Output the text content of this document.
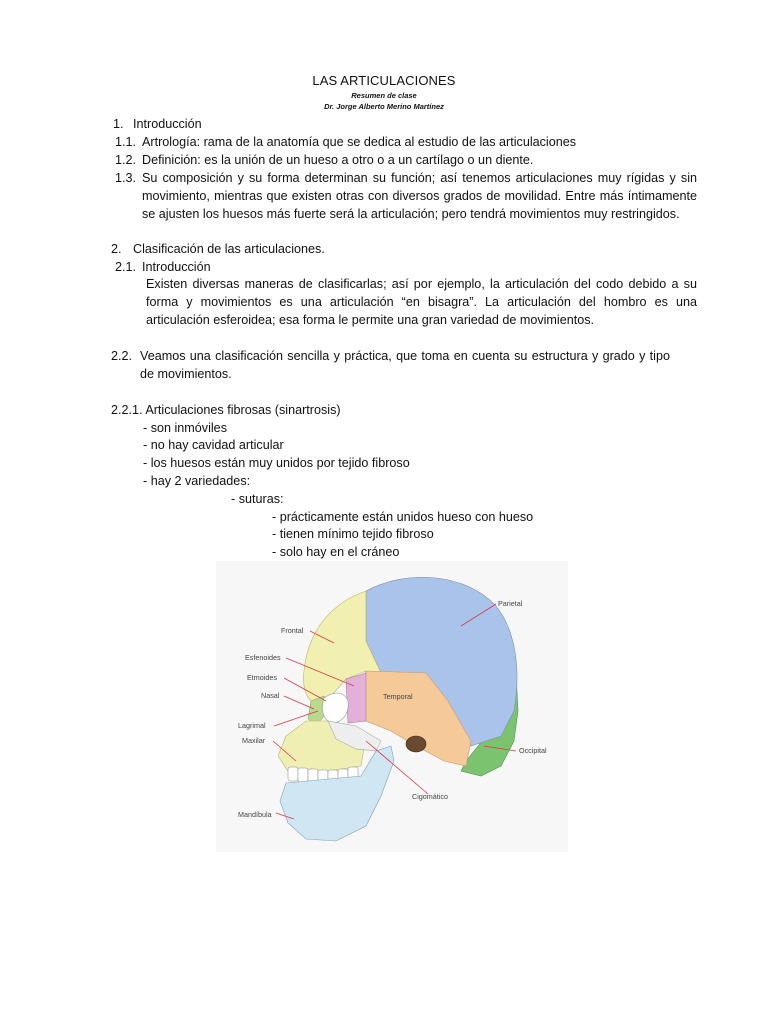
LAS ARTICULACIONES
Resumen de clase
Dr. Jorge Alberto Merino Martínez
1. Introducción
1.1. Artrología: rama de la anatomía que se dedica al estudio de las articulaciones
1.2. Definición: es la unión de un hueso a otro o a un cartílago o un diente.
1.3. Su composición y su forma determinan su función; así tenemos articulaciones muy rígidas y sin movimiento, mientras que existen otras con diversos grados de movilidad. Entre más íntimamente se ajusten los huesos más fuerte será la articulación; pero tendrá movimientos muy restringidos.
2. Clasificación de las articulaciones.
2.1. Introducción
Existen diversas maneras de clasificarlas; así por ejemplo, la articulación del codo debido a su forma y movimientos es una articulación “en bisagra”. La articulación del hombro es una articulación esferoidea; esa forma le permite una gran variedad de movimientos.
2.2. Veamos una clasificación sencilla y práctica, que toma en cuenta su estructura y grado y tipo de movimientos.
2.2.1. Articulaciones fibrosas (sinartrosis)
- son inmóviles
- no hay cavidad articular
- los huesos están muy unidos por tejido fibroso
- hay 2 variedades:
- suturas:
- prácticamente están unidos hueso con hueso
- tienen mínimo tejido fibroso
- solo hay en el cráneo
Parietal
Frontal
Esfenoides
Etmoides
Nasal	Temporal
Lagrimal
Maxilar
Occipital
Cigomático
Mandíbula
